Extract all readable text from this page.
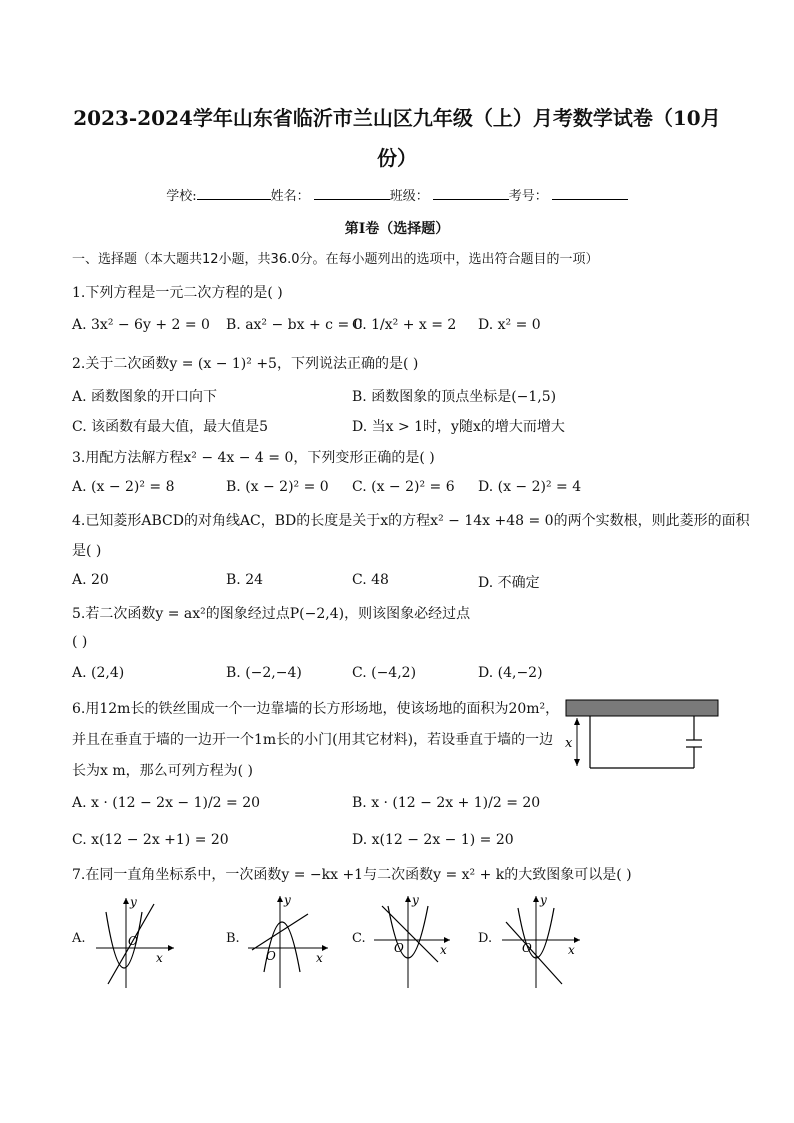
2023-2024学年山东省临沂市兰山区九年级（上）月考数学试卷（10月
份）
学校:	姓名：	班级：	考号：
第Ⅰ卷（选择题）
一、选择题（本大题共12小题，共36.0分。在每小题列出的选项中，选出符合题目的一项）
1.下列方程是一元二次方程的是( )
A. 3x² − 6y + 2 = 0 B. ax² − bx + c = 0
C. 1/x² + x = 2 D. x² = 0
2.关于二次函数y = (x − 1)² +5，下列说法正确的是( )
A. 函数图象的开口向下	B. 函数图象的顶点坐标是(−1,5)
C. 该函数有最大值，最大值是5	D. 当x > 1时，y随x的增大而增大
3.用配方法解方程x² − 4x − 4 = 0，下列变形正确的是( )
A. (x − 2)² = 8	B. (x − 2)² = 0 C. (x − 2)² = 6 D. (x − 2)² = 4
4.已知菱形ABCD的对角线AC，BD的长度是关于x的方程x² − 14x +48 = 0的两个实数根，则此菱形的面积
是( )
A. 20	B. 24	C. 48	D. 不确定
5.若二次函数y = ax²的图象经过点P(−2,4)，则该图象必经过点
( )
A. (2,4)	B. (−2,−4)	C. (−4,2)	D. (4,−2)
6.用12m长的铁丝围成一个一边靠墙的长方形场地，使该场地的面积为20m²，
并且在垂直于墙的一边开一个1m长的小门(用其它材料)，若设垂直于墙的一边
长为x m，那么可列方程为( )
A. x · (12 − 2x − 1)/2 = 20	B. x · (12 − 2x + 1)/2 = 20
C. x(12 − 2x +1) = 20	D. x(12 − 2x − 1) = 20
x
7.在同一直角坐标系中，一次函数y = −kx +1与二次函数y = x² + k的大致图象可以是( )
A.	O
x
y
B.
O	x
y
C.
O	x
y
D.
O	x
y
